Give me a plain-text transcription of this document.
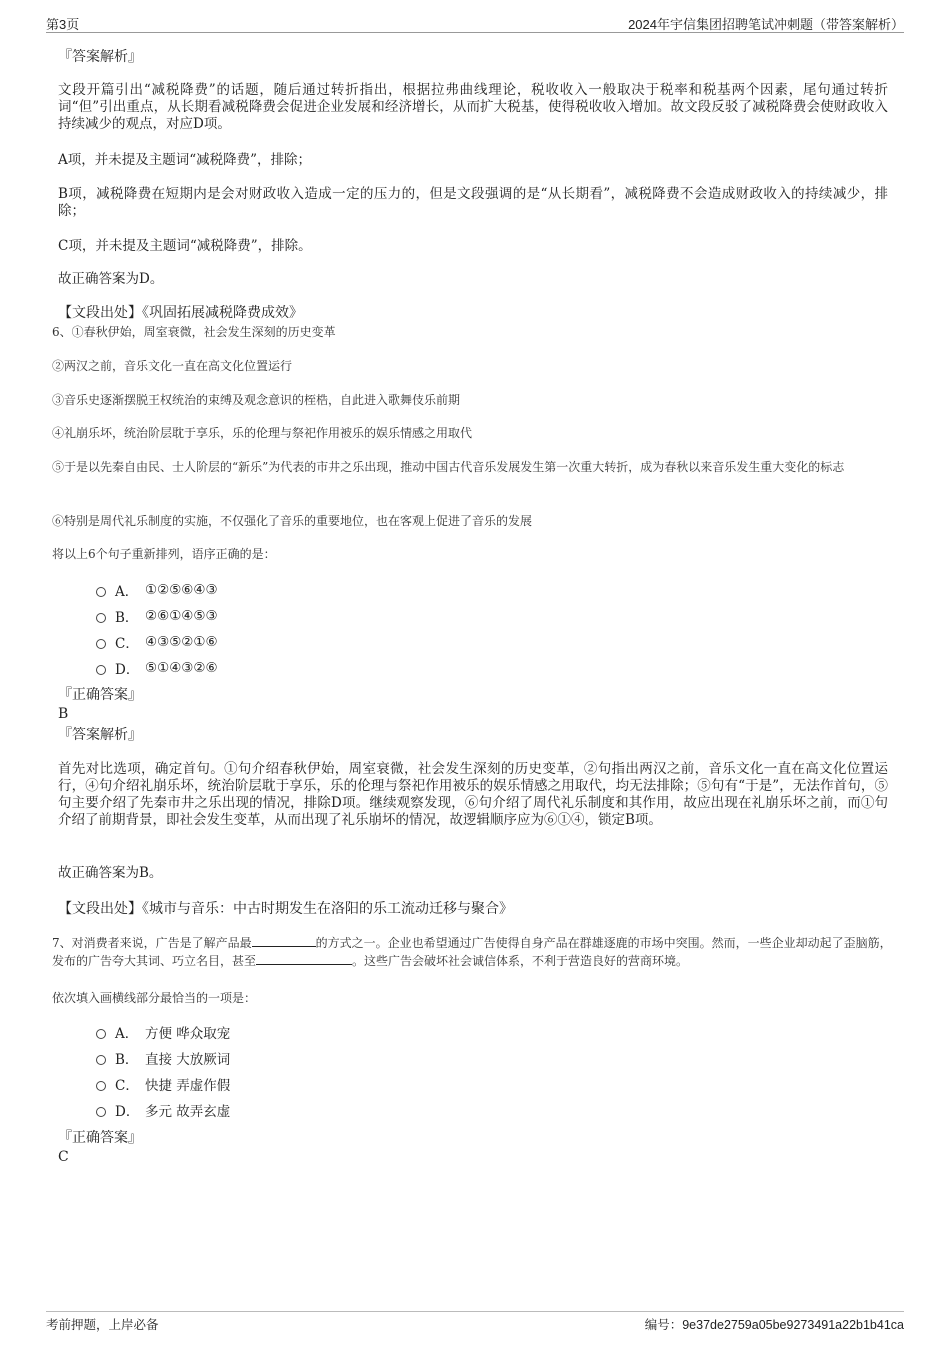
第3页	2024年宇信集团招聘笔试冲刺题（带答案解析）
『答案解析』

文段开篇引出“减税降费”的话题，随后通过转折指出，根据拉弗曲线理论，税收收入一般取决于税率和税基两个因素，尾句通过转折词“但”引出重点，从长期看减税降费会促进企业发展和经济增长，从而扩大税基，使得税收收入增加。故文段反驳了减税降费会使财政收入持续减少的观点，对应D项。

A项，并未提及主题词“减税降费”，排除；

B项，减税降费在短期内是会对财政收入造成一定的压力的，但是文段强调的是“从长期看”，减税降费不会造成财政收入的持续减少，排除；

C项，并未提及主题词“减税降费”，排除。

故正确答案为D。

【文段出处】《巩固拓展减税降费成效》

6、①春秋伊始，周室衰微，社会发生深刻的历史变革

②两汉之前，音乐文化一直在高文化位置运行

③音乐史逐渐摆脱王权统治的束缚及观念意识的桎梏，自此进入歌舞伎乐前期

④礼崩乐坏，统治阶层耽于享乐，乐的伦理与祭祀作用被乐的娱乐情感之用取代

⑤于是以先秦自由民、士人阶层的“新乐”为代表的市井之乐出现，推动中国古代音乐发展发生第一次重大转折，成为春秋以来音乐发生重大变化的标志

⑥特别是周代礼乐制度的实施，不仅强化了音乐的重要地位，也在客观上促进了音乐的发展

将以上6个句子重新排列，语序正确的是：

A． ①②⑤⑥④③
B． ②⑥①④⑤③
C． ④③⑤②①⑥
D． ⑤①④③②⑥
『正确答案』
B
『答案解析』

首先对比选项，确定首句。①句介绍春秋伊始，周室衰微，社会发生深刻的历史变革，②句指出两汉之前，音乐文化一直在高文化位置运行，④句介绍礼崩乐坏，统治阶层耽于享乐，乐的伦理与祭祀作用被乐的娱乐情感之用取代，均无法排除；⑤句有“于是”，无法作首句，⑤句主要介绍了先秦市井之乐出现的情况，排除D项。继续观察发现，⑥句介绍了周代礼乐制度和其作用，故应出现在礼崩乐坏之前，而①句介绍了前期背景，即社会发生变革，从而出现了礼乐崩坏的情况，故逻辑顺序应为⑥①④，锁定B项。

故正确答案为B。

【文段出处】《城市与音乐：中古时期发生在洛阳的乐工流动迁移与聚合》

7、对消费者来说，广告是了解产品最	的方式之一。企业也希望通过广告使得自身产品在群雄逐鹿的市场中突围。然而，一些企业却动起了歪脑筋，发布的广告夸大其词、巧立名目，甚至	。这些广告会破坏社会诚信体系，不利于营造良好的营商环境。

依次填入画横线部分最恰当的一项是：

A． 方便 哗众取宠
B． 直接 大放厥词
C． 快捷 弄虚作假
D． 多元 故弄玄虚
『正确答案』
C
考前押题，上岸必备	编号：9e37de2759a05be9273491a22b1b41ca
